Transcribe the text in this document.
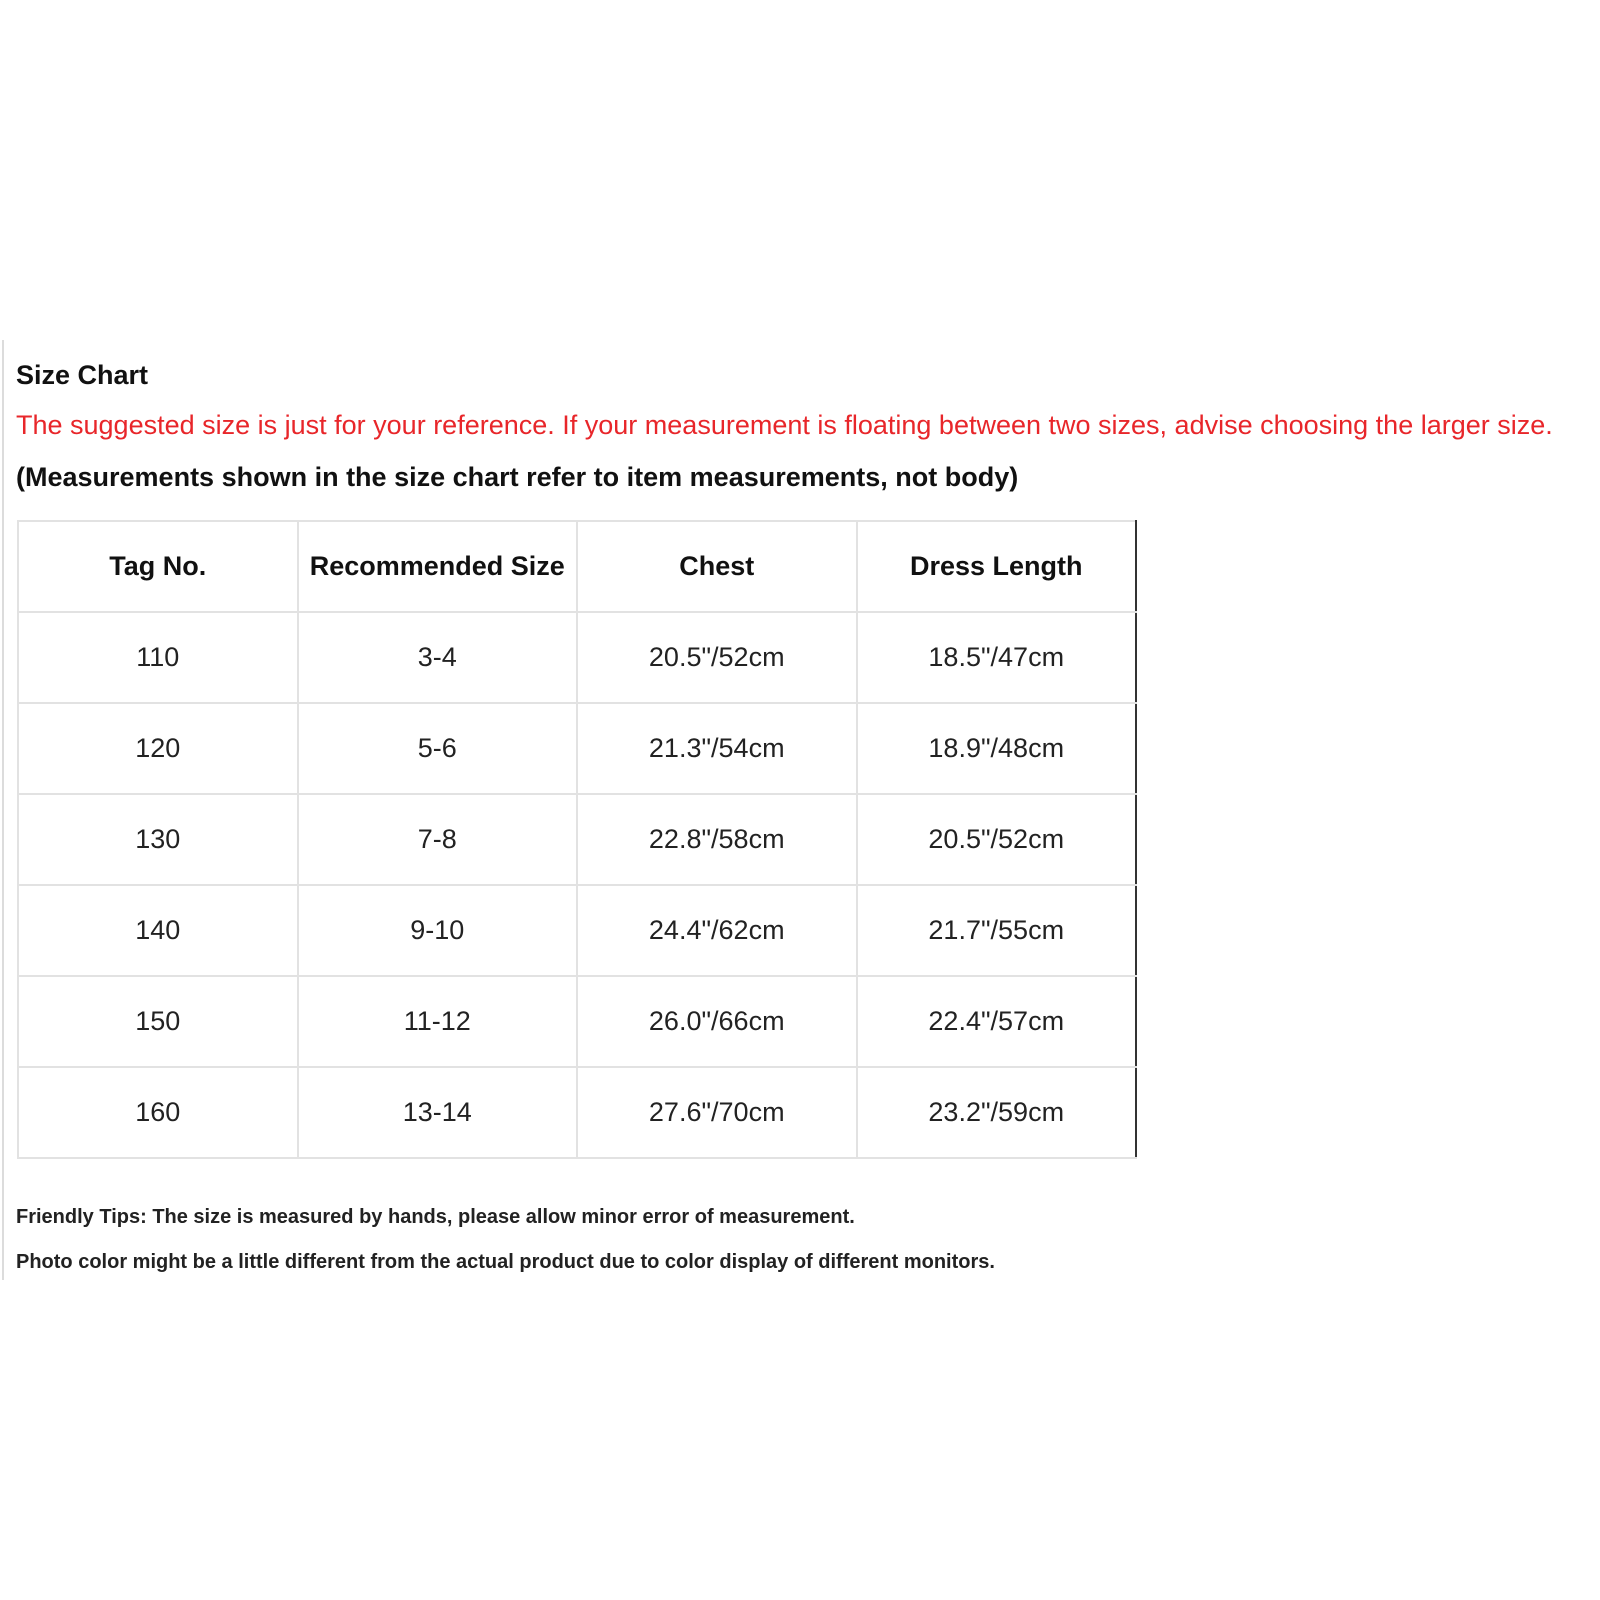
Size Chart
The suggested size is just for your reference. If your measurement is floating between two sizes, advise choosing the larger size.
(Measurements shown in the size chart refer to item measurements, not body)
Tag No.	Recommended Size	Chest	Dress Length
110	3-4	20.5"/52cm	18.5"/47cm
120	5-6	21.3"/54cm	18.9"/48cm
130	7-8	22.8"/58cm	20.5"/52cm
140	9-10	24.4"/62cm	21.7"/55cm
150	11-12	26.0"/66cm	22.4"/57cm
160	13-14	27.6"/70cm	23.2"/59cm
Friendly Tips: The size is measured by hands, please allow minor error of measurement.
Photo color might be a little different from the actual product due to color display of different monitors.
